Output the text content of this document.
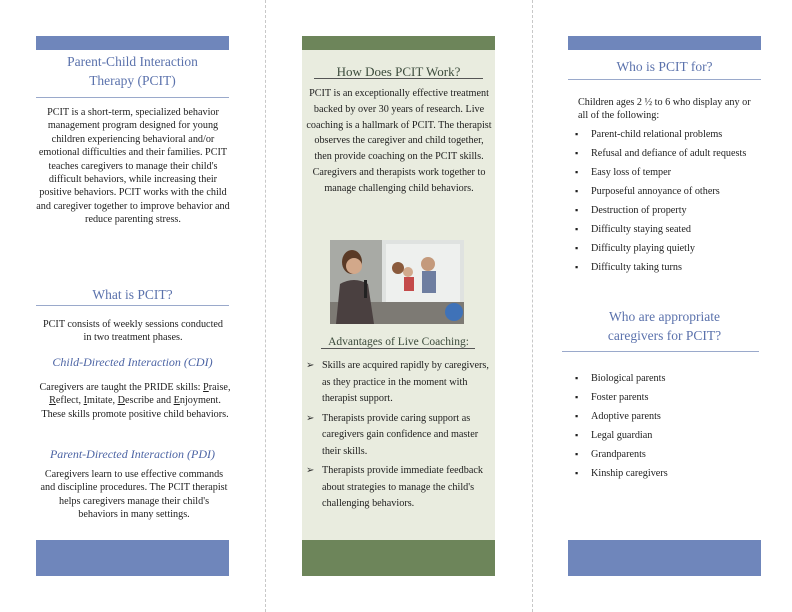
Parent-Child Interaction
Therapy (PCIT)
PCIT is a short-term, specialized behavior management program designed for young children experiencing behavioral and/or emotional difficulties and their families. PCIT teaches caregivers to manage their child's difficult behaviors, while increasing their positive behaviors. PCIT works with the child and caregiver together to improve behavior and reduce parenting stress.
What is PCIT?
PCIT consists of weekly sessions conducted in two treatment phases.
Child-Directed Interaction (CDI)
Caregivers are taught the PRIDE skills: Praise, Reflect, Imitate, Describe and Enjoyment. These skills promote positive child behaviors.
Parent-Directed Interaction (PDI)
Caregivers learn to use effective commands and discipline procedures. The PCIT therapist helps caregivers manage their child's behaviors in many settings.
How Does PCIT Work?
PCIT is an exceptionally effective treatment backed by over 30 years of research. Live coaching is a hallmark of PCIT. The therapist observes the caregiver and child together, then provide coaching on the PCIT skills. Caregivers and therapists work together to manage challenging child behaviors.
Advantages of Live Coaching:
➢ Skills are acquired rapidly by caregivers, as they practice in the moment with therapist support.
➢ Therapists provide caring support as caregivers gain confidence and master their skills.
➢ Therapists provide immediate feedback about strategies to manage the child's challenging behaviors.
Who is PCIT for?
Children ages 2 ½ to 6 who display any or all of the following:
▪ Parent-child relational problems
▪ Refusal and defiance of adult requests
▪ Easy loss of temper
▪ Purposeful annoyance of others
▪ Destruction of property
▪ Difficulty staying seated
▪ Difficulty playing quietly
▪ Difficulty taking turns
Who are appropriate
caregivers for PCIT?
▪ Biological parents
▪ Foster parents
▪ Adoptive parents
▪ Legal guardian
▪ Grandparents
▪ Kinship caregivers
